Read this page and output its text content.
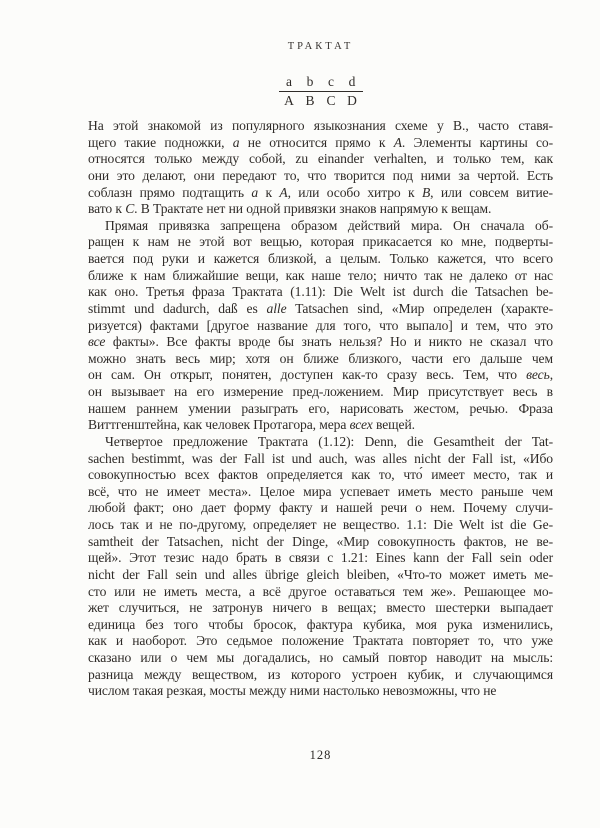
ТРАКТАТ
a	b	c	d
A B C D
На этой знакомой из популярного языкознания схеме у В., часто ставя-
щего такие подножки, a не относится прямо к A. Элементы картины со-
относятся только между собой, zu einander verhalten, и только тем, как
они это делают, они передают то, что творится под ними за чертой. Есть
соблазн прямо подтащить a к A, или особо хитро к B, или совсем витие-
вато к C. В Трактате нет ни одной привязки знаков напрямую к вещам.
Прямая привязка запрещена образом действий мира. Он сначала об-
ращен к нам не этой вот вещью, которая прикасается ко мне, подверты-
вается под руки и кажется близкой, а целым. Только кажется, что всего
ближе к нам ближайшие вещи, как наше тело; ничто так не далеко от нас
как оно. Третья фраза Трактата (1.11): Die Welt ist durch die Tatsachen be-
stimmt und dadurch, daß es alle Tatsachen sind, «Мир определен (характе-
ризуется) фактами [другое название для того, что выпало] и тем, что это
все факты». Все факты вроде бы знать нельзя? Но и никто не сказал что
можно знать весь мир; хотя он ближе близкого, части его дальше чем
он сам. Он открыт, понятен, доступен как-то сразу весь. Тем, что весь,
он вызывает на его измерение пред-ложением. Мир присутствует весь в
нашем раннем умении разыграть его, нарисовать жестом, речью. Фраза
Виттгенштейна, как человек Протагора, мера всех вещей.
Четвертое предложение Трактата (1.12): Denn, die Gesamtheit der Tat-
sachen bestimmt, was der Fall ist und auch, was alles nicht der Fall ist, «Ибо
совокупностью всех фактов определяется как то, что́ имеет место, так и
всё, что не имеет места». Целое мира успевает иметь место раньше чем
любой факт; оно дает форму факту и нашей речи о нем. Почему случи-
лось так и не по-другому, определяет не вещество. 1.1: Die Welt ist die Ge-
samtheit der Tatsachen, nicht der Dinge, «Мир совокупность фактов, не ве-
щей». Этот тезис надо брать в связи с 1.21: Eines kann der Fall sein oder
nicht der Fall sein und alles übrige gleich bleiben, «Что-то может иметь ме-
сто или не иметь места, а всё другое оставаться тем же». Решающее мо-
жет случиться, не затронув ничего в вещах; вместо шестерки выпадает
единица без того чтобы бросок, фактура кубика, моя рука изменились,
как и наоборот. Это седьмое положение Трактата повторяет то, что уже
сказано или о чем мы догадались, но самый повтор наводит на мысль:
разница между веществом, из которого устроен кубик, и случающимся
числом такая резкая, мосты между ними настолько невозможны, что не
128
